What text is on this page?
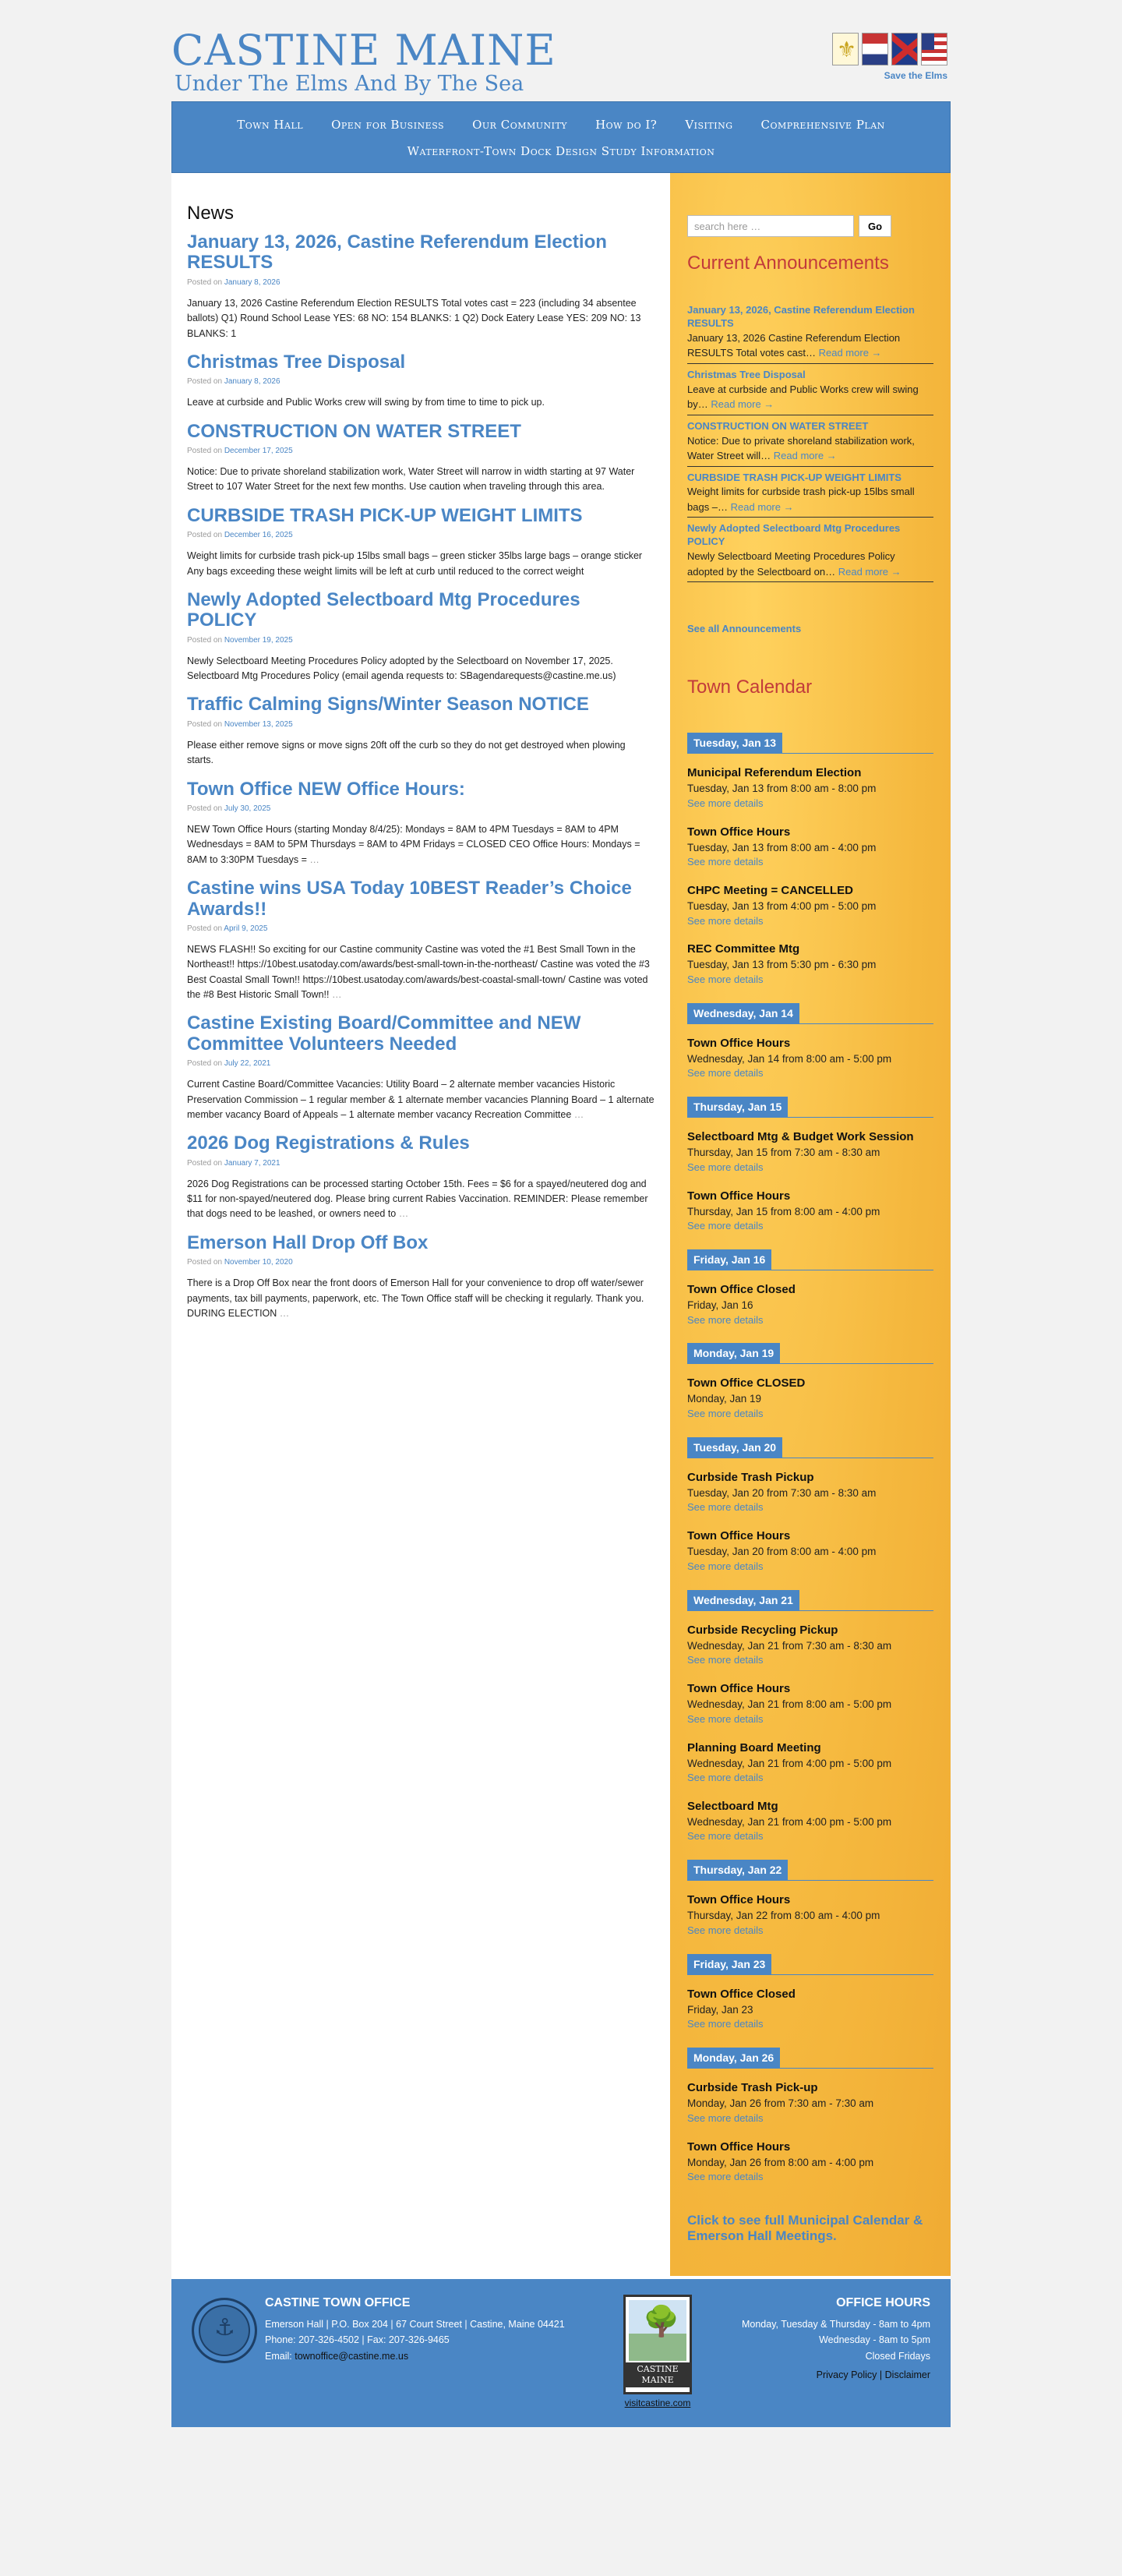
CASTINE MAINE
Under The Elms And By The Sea
⚜	Save the Elms
Town Hall Open for Business Our Community How do I? Visiting Comprehensive Plan
Waterfront-Town Dock Design Study Information
News
January 13, 2026, Castine Referendum Election RESULTS
Posted on January 8, 2026
January 13, 2026 Castine Referendum Election RESULTS Total votes cast = 223 (including 34 absentee ballots) Q1) Round School Lease YES: 68 NO: 154 BLANKS: 1 Q2) Dock Eatery Lease YES: 209 NO: 13 BLANKS: 1
Christmas Tree Disposal
Posted on January 8, 2026
Leave at curbside and Public Works crew will swing by from time to time to pick up.
CONSTRUCTION ON WATER STREET
Posted on December 17, 2025
Notice: Due to private shoreland stabilization work, Water Street will narrow in width starting at 97 Water Street to 107 Water Street for the next few months. Use caution when traveling through this area.
CURBSIDE TRASH PICK-UP WEIGHT LIMITS
Posted on December 16, 2025
Weight limits for curbside trash pick-up 15lbs small bags – green sticker 35lbs large bags – orange sticker Any bags exceeding these weight limits will be left at curb until reduced to the correct weight
Newly Adopted Selectboard Mtg Procedures POLICY
Posted on November 19, 2025
Newly Selectboard Meeting Procedures Policy adopted by the Selectboard on November 17, 2025. Selectboard Mtg Procedures Policy (email agenda requests to: SBagendarequests@castine.me.us)
Traffic Calming Signs/Winter Season NOTICE
Posted on November 13, 2025
Please either remove signs or move signs 20ft off the curb so they do not get destroyed when plowing starts.
Town Office NEW Office Hours:
Posted on July 30, 2025
NEW Town Office Hours (starting Monday 8/4/25): Mondays = 8AM to 4PM Tuesdays = 8AM to 4PM Wednesdays = 8AM to 5PM Thursdays = 8AM to 4PM Fridays = CLOSED CEO Office Hours: Mondays = 8AM to 3:30PM Tuesdays = …
Castine wins USA Today 10BEST Reader’s Choice Awards!!
Posted on April 9, 2025
NEWS FLASH!! So exciting for our Castine community Castine was voted the #1 Best Small Town in the Northeast!! https://10best.usatoday.com/awards/best-small-town-in-the-northeast/ Castine was voted the #3 Best Coastal Small Town!! https://10best.usatoday.com/awards/best-coastal-small-town/ Castine was voted the #8 Best Historic Small Town!! …
Castine Existing Board/Committee and NEW Committee Volunteers Needed
Posted on July 22, 2021
Current Castine Board/Committee Vacancies: Utility Board – 2 alternate member vacancies Historic Preservation Commission – 1 regular member & 1 alternate member vacancies Planning Board – 1 alternate member vacancy Board of Appeals – 1 alternate member vacancy Recreation Committee …
2026 Dog Registrations & Rules
Posted on January 7, 2021
2026 Dog Registrations can be processed starting October 15th. Fees = $6 for a spayed/neutered dog and $11 for non-spayed/neutered dog. Please bring current Rabies Vaccination. REMINDER: Please remember that dogs need to be leashed, or owners need to …
Emerson Hall Drop Off Box
Posted on November 10, 2020
There is a Drop Off Box near the front doors of Emerson Hall for your convenience to drop off water/sewer payments, tax bill payments, paperwork, etc. The Town Office staff will be checking it regularly. Thank you. DURING ELECTION …
search here …
Go
Current Announcements
January 13, 2026, Castine Referendum Election RESULTS
January 13, 2026 Castine Referendum Election RESULTS Total votes cast… Read more →
Christmas Tree Disposal
Leave at curbside and Public Works crew will swing by… Read more →
CONSTRUCTION ON WATER STREET
Notice: Due to private shoreland stabilization work, Water Street will… Read more →
CURBSIDE TRASH PICK-UP WEIGHT LIMITS
Weight limits for curbside trash pick-up 15lbs small bags –… Read more →
Newly Adopted Selectboard Mtg Procedures POLICY
Newly Selectboard Meeting Procedures Policy adopted by the Selectboard on… Read more →
See all Announcements
Town Calendar
Tuesday, Jan 13
Municipal Referendum Election
Tuesday, Jan 13 from 8:00 am - 8:00 pm
See more details
Town Office Hours
Tuesday, Jan 13 from 8:00 am - 4:00 pm
See more details
CHPC Meeting = CANCELLED
Tuesday, Jan 13 from 4:00 pm - 5:00 pm
See more details
REC Committee Mtg
Tuesday, Jan 13 from 5:30 pm - 6:30 pm
See more details
Wednesday, Jan 14
Town Office Hours
Wednesday, Jan 14 from 8:00 am - 5:00 pm
See more details
Thursday, Jan 15
Selectboard Mtg & Budget Work Session
Thursday, Jan 15 from 7:30 am - 8:30 am
See more details
Town Office Hours
Thursday, Jan 15 from 8:00 am - 4:00 pm
See more details
Friday, Jan 16
Town Office Closed
Friday, Jan 16
See more details
Monday, Jan 19
Town Office CLOSED
Monday, Jan 19
See more details
Tuesday, Jan 20
Curbside Trash Pickup
Tuesday, Jan 20 from 7:30 am - 8:30 am
See more details
Town Office Hours
Tuesday, Jan 20 from 8:00 am - 4:00 pm
See more details
Wednesday, Jan 21
Curbside Recycling Pickup
Wednesday, Jan 21 from 7:30 am - 8:30 am
See more details
Town Office Hours
Wednesday, Jan 21 from 8:00 am - 5:00 pm
See more details
Planning Board Meeting
Wednesday, Jan 21 from 4:00 pm - 5:00 pm
See more details
Selectboard Mtg
Wednesday, Jan 21 from 4:00 pm - 5:00 pm
See more details
Thursday, Jan 22
Town Office Hours
Thursday, Jan 22 from 8:00 am - 4:00 pm
See more details
Friday, Jan 23
Town Office Closed
Friday, Jan 23
See more details
Monday, Jan 26
Curbside Trash Pick-up
Monday, Jan 26 from 7:30 am - 7:30 am
See more details
Town Office Hours
Monday, Jan 26 from 8:00 am - 4:00 pm
See more details
Click to see full Municipal Calendar & Emerson Hall Meetings.
⚓
CASTINE TOWN OFFICE

Emerson Hall | P.O. Box 204 | 67 Court Street | Castine, Maine 04421

Phone: 207-326-4502 | Fax: 207-326-9465

Email: townoffice@castine.me.us

🌳
CASTINE
MAINE
visitcastine.com
OFFICE HOURS

Monday, Tuesday & Thursday - 8am to 4pm

Wednesday - 8am to 5pm

Closed Fridays

Privacy Policy | Disclaimer
